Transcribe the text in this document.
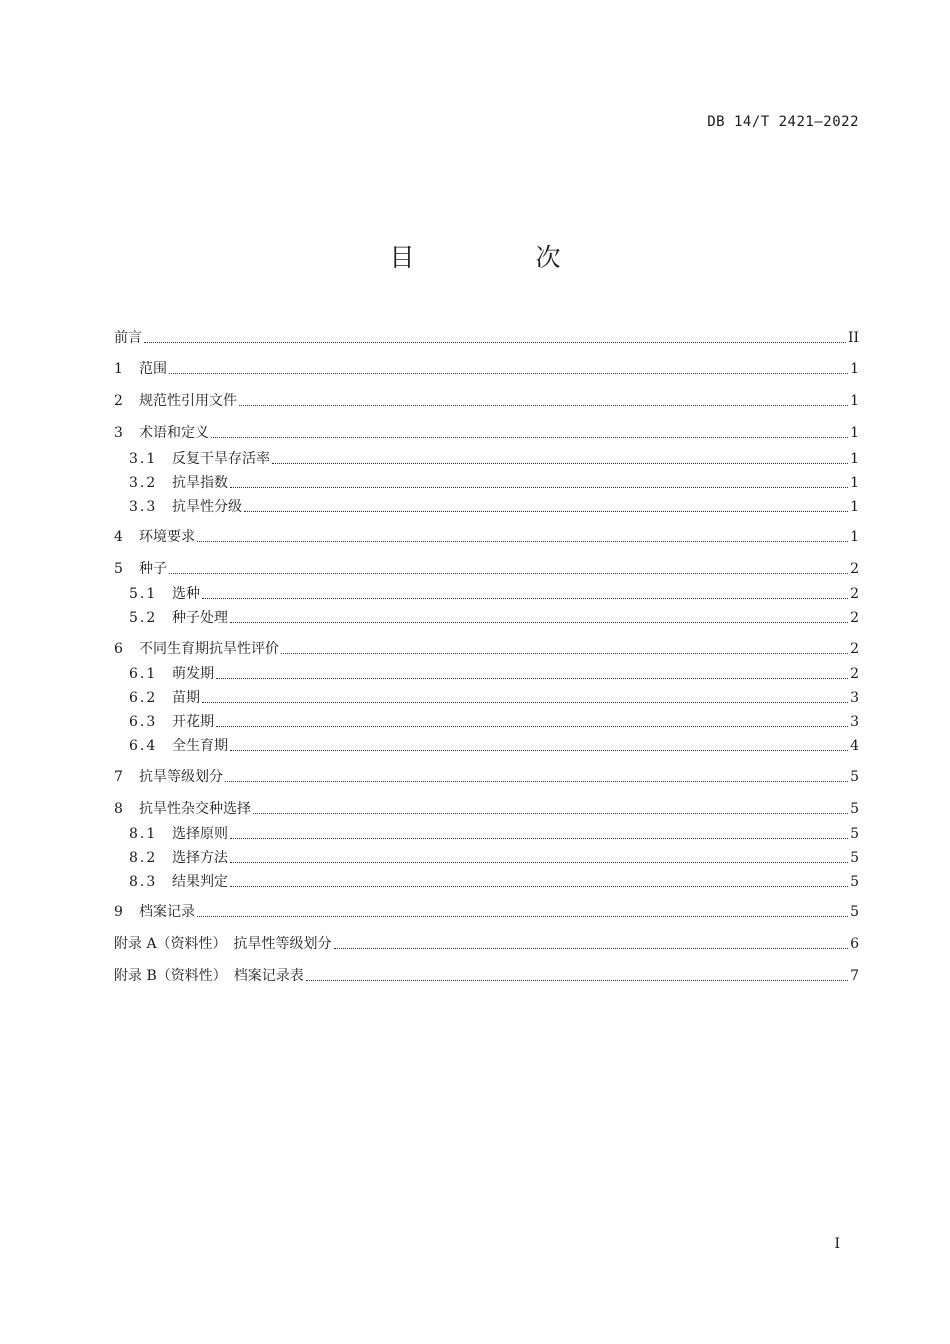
DB 14/T 2421—2022
目　次
前言	II
1	范围	1
2	规范性引用文件	1
3	术语和定义	1
3.1	反复干旱存活率	1
3.2	抗旱指数	1
3.3	抗旱性分级	1
4	环境要求	1
5	种子	2
5.1	选种	2
5.2	种子处理	2
6	不同生育期抗旱性评价	2
6.1	萌发期	2
6.2	苗期	3
6.3	开花期	3
6.4	全生育期	4
7	抗旱等级划分	5
8	抗旱性杂交种选择	5
8.1	选择原则	5
8.2	选择方法	5
8.3	结果判定	5
9	档案记录	5
附录 A（资料性）　抗旱性等级划分	6
附录 B（资料性）　档案记录表	7
I
